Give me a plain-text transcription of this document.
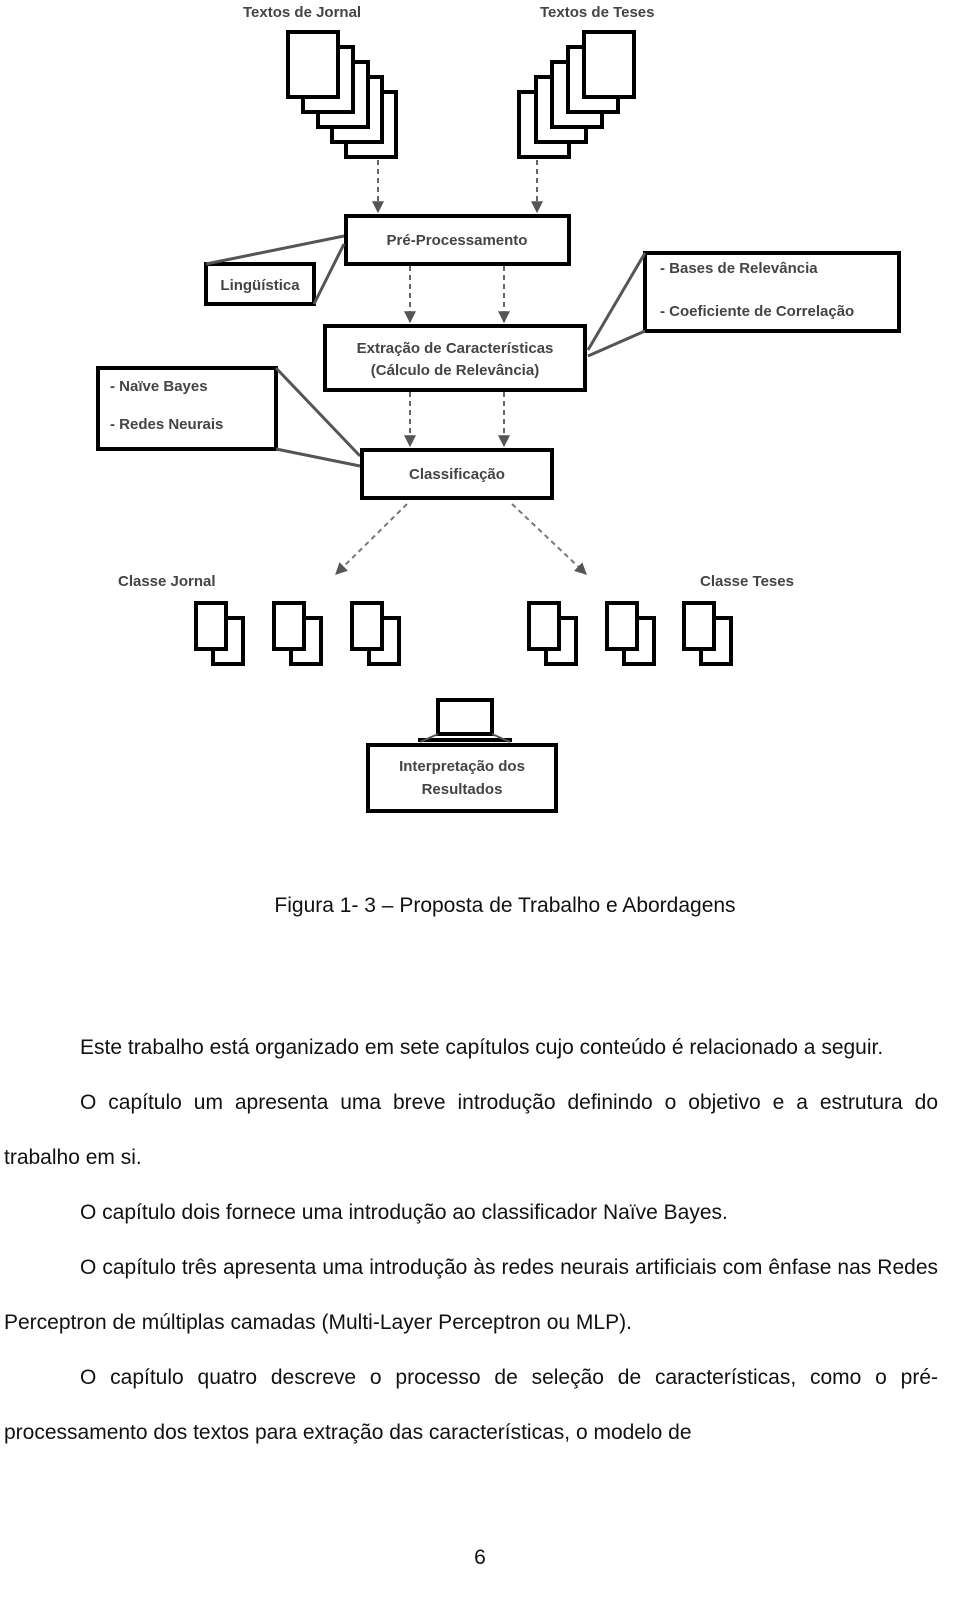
Textos de Jornal	Textos de Teses
Pré-Processamento
Lingüística
- Bases de Relevância
- Coeficiente de Correlação
Extração de Características
(Cálculo de Relevância)
- Naïve Bayes
- Redes Neurais
Classificação
Classe Jornal	Classe Teses
Interpretação dos
Resultados
Figura 1- 3 – Proposta de Trabalho e Abordagens

Este trabalho está organizado em sete capítulos cujo conteúdo é relacionado a seguir.

O capítulo um apresenta uma breve introdução definindo o objetivo e a estrutura do trabalho em si.

O capítulo dois fornece uma introdução ao classificador Naïve Bayes.

O capítulo três apresenta uma introdução às redes neurais artificiais com ênfase nas Redes Perceptron de múltiplas camadas (Multi-Layer Perceptron ou MLP).

O capítulo quatro descreve o processo de seleção de características, como o pré-processamento dos textos para extração das características, o modelo de

6
